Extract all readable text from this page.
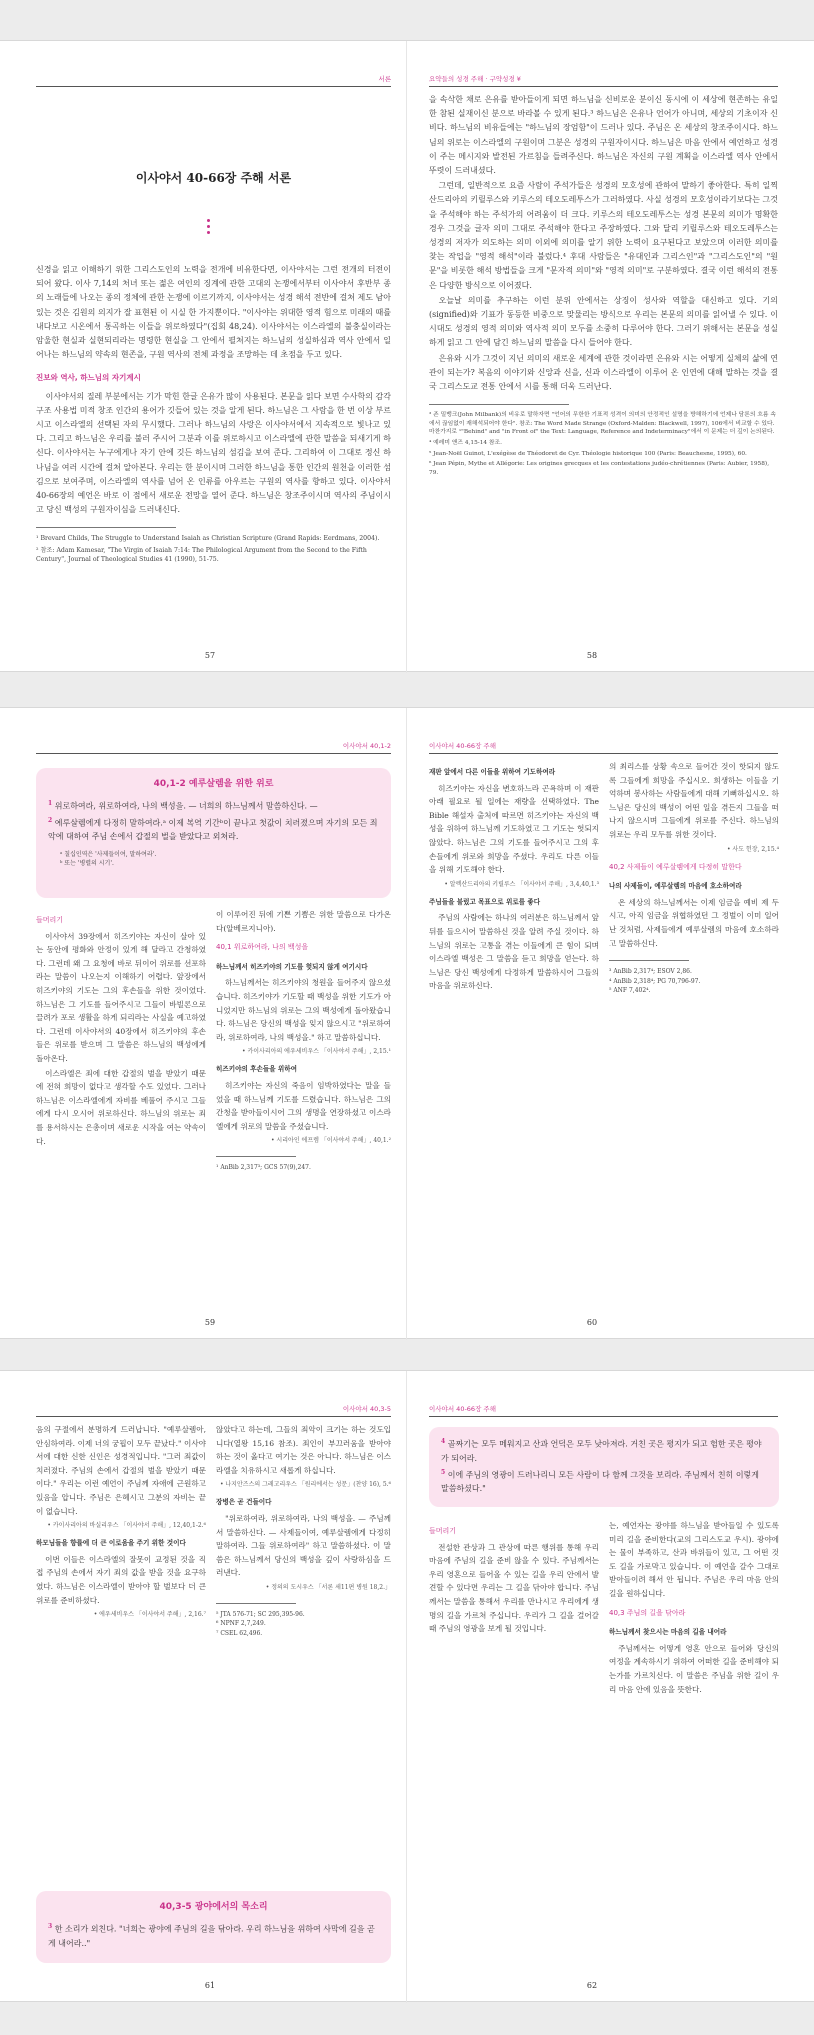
서론
이사야서 40-66장 주해 서론

신경을 읽고 이해하기 위한 그리스도인의 노력을 전개에 비유한다면, 이사야서는 그런 전개의 터전이 되어 왔다. 이사 7,14의 처녀 또는 젊은 여인의 징계에 관한 고대의 논쟁에서부터 이사야서 후반부 종의 노래들에 나오는 종의 정체에 관한 논쟁에 이르기까지, 이사야서는 성경 해석 전반에 걸쳐 제도 남아 있는 것은 김원의 의지가 잘 표현된 이 시실 한 가지뿐이다. "이사야는 위대한 영적 힘으로 미래의 때를 내다보고 시온에서 통곡하는 이들을 위로하였다"(집회 48,24). 이사야서는 이스라엘의 불충실이라는 암울한 현실과 실현되리라는 명령한 현실을 그 안에서 펼쳐지는 하느님의 성실하심과 역사 안에서 일어나는 하느님의 약속의 현존을, 구원 역사의 전체 과정을 조망하는 데 초점을 두고 있다.

진보와 역사, 하느님의 자기계시

이사야서의 질레 부분에서는 기가 막힌 한글 은유가 많이 사용된다. 본문을 읽다 보면 수사학의 감각 구조 사용법 미적 창조 인간의 용어가 깃들어 있는 것을 알게 된다. 하느님은 그 사람을 한 번 이상 부르시고 이스라엘의 선택된 자의 무시했다. 그러나 하느님의 사랑은 이사야서에서 지속적으로 빛나고 있다. 그리고 하느님은 우리를 불러 주시어 그분과 이를 위로하시고 이스라엘에 관한 말씀을 되새기게 하신다. 이사야서는 누구에게나 자기 안에 깃든 하느님의 섬김을 보여 준다. 그리하여 이 그대로 정신 하나님을 여러 시간에 걸쳐 알아본다. 우리는 한 분이시며 그러한 하느님을 통한 인간의 원천을 이러한 섬김으로 보여주며, 이스라엘의 역사를 넘어 온 인류를 아우르는 구원의 역사를 향하고 있다. 이사야서 40-66장의 예언은 바로 이 점에서 새로운 전망을 열어 준다. 하느님은 창조주이시며 역사의 주님이시고 당신 백성의 구원자이심을 드러내신다.

¹ Brevard Childs, The Struggle to Understand Isaiah as Christian Scripture (Grand Rapids: Eerdmans, 2004).
² 참조: Adam Kamesar, "The Virgin of Isaiah 7:14: The Philological Argument from the Second to the Fifth Century", Journal of Theological Studies 41 (1990), 51-75.
57
요약들의 성경 주해 · 구약성경 ¥

을 속삭한 채로 은유를 받아들이게 되면 하느님을 신비로운 분이신 동시에 이 세상에 현존하는 유일한 참된 실재이신 분으로 바라볼 수 있게 된다.³ 하느님은 은유나 언어가 아니며, 세상의 기초이자 신비다. 하느님의 비유들에는 "하느님의 장엄함"이 드러나 있다. 주님은 온 세상의 창조주이시다. 하느님의 위로는 이스라엘의 구원이며 그분은 성경의 구원자이시다. 하느님은 마음 안에서 예언하고 성경이 주는 메시지와 발전된 가르침을 들려주신다. 하느님은 자신의 구원 계획을 이스라엘 역사 안에서 뚜렷이 드러내셨다.

그런데, 일반적으로 요즘 사람이 주석가들은 성경의 모호성에 관하여 말하기 좋아한다. 특히 일찍 산드리아의 키릴루스와 키루스의 테오도레투스가 그러하였다. 사실 성경의 모호성이라기보다는 그것을 주석해야 하는 주석가의 어려움이 더 크다. 키루스의 테오도레투스는 성경 본문의 의미가 명확한 경우 그것을 글자 의미 그대로 주석해야 한다고 주장하였다. 그와 달리 키릴루스와 테오도레투스는 성경의 저자가 의도하는 의미 이외에 의미를 알기 위한 노력이 요구된다고 보았으며 이러한 의미를 찾는 작업을 "영적 해석"이라 불렀다.⁴ 후대 사람들은 "유대인과 그리스인"과 "그리스도인"의 "원문"을 비롯한 해석 방법들을 크게 "문자적 의미"와 "영적 의미"로 구분하였다. 결국 이런 해석의 전통은 다양한 방식으로 이어졌다.

오늘날 의미를 추구하는 이런 분위 안에서는 상징이 성사와 역할을 대신하고 있다. 기의(signified)와 기표가 동등한 비중으로 맞물리는 방식으로 우리는 본문의 의미를 읽어낼 수 있다. 이 시대도 성경의 영적 의미와 역사적 의미 모두를 소중히 다루어야 한다. 그러기 위해서는 본문을 성실하게 읽고 그 안에 담긴 하느님의 말씀을 다시 들어야 한다.

은유와 시가 그것이 지닌 의미의 새로운 세계에 관한 것이라면 은유와 시는 어떻게 실체의 삶에 연관이 되는가? 복음의 이야기와 신앙과 신을, 신과 이스라엘이 이루어 온 인연에 대해 말하는 것을 결국 그리스도교 전통 안에서 시를 통해 더욱 드러난다.

³ 존 밀뱅크(John Milbank)의 비유로 말하자면 "언어의 무한한 기표적 성격이 의미의 안정적인 설명을 방해하기에 언제나 담론의 흐름 속에서 끊임없이 재해석되어야 한다". 참조: The Word Made Strange (Oxford-Malden: Blackwell, 1997), 106에서 비교할 수 있다. 마찬가지로 ¹"Behind" and "in Front of" the Text: Language, Reference and Indeterminacy"에서 이 문제는 더 깊이 논의된다.
⁴ 예레미 앤즈 4,15-14 참조.
⁵ Jean-Noël Guinot, L'exégèse de Théodoret de Cyr. Théologie historique 100 (Paris: Beauchesne, 1995), 60.
⁶ Jean Pépin, Mythe et Allégorie: Les origines grecques et les contestations judéo-chrétiennes (Paris: Aubier, 1958), 79.
58
이사야서 40,1-2
40,1-2 예루살렘을 위한 위로
$^1$ 위로하여라, 위로하여라, 나의 백성을. — 너희의 하느님께서 말씀하신다. —
$^2$ 예루살렘에게 다정히 말하여라.ᵃ 이제 복역 기간ᵇ이 끝나고 첫값이 치러졌으며 자기의 모든 죄악에 대하여 주님 손에서 갑절의 벌을 받았다고 외쳐라.
ᵃ 칠십인역은 '사제들이여, 말하여라'.
ᵇ 또는 '병렬의 시기'.
들머리기

이사야서 39장에서 히즈키야는 자신이 살아 있는 동안에 평화와 안정이 있게 해 달라고 간청하였다. 그런데 왜 그 요청에 바로 뒤이어 위로를 선포하라는 말씀이 나오는지 이해하기 어렵다. 앞장에서 히즈키야의 기도는 그의 후손들을 위한 것이었다. 하느님은 그 기도를 들어주시고 그들이 바빌론으로 끌려가 포로 생활을 하게 되리라는 사실을 예고하였다. 그런데 이사야서의 40장에서 히즈키야의 후손들은 위로를 받으며 그 말씀은 하느님의 백성에게 돌아온다.

이스라엘은 죄에 대한 갑절의 벌을 받았기 때문에 전혀 희망이 없다고 생각할 수도 있었다. 그러나 하느님은 이스라엘에게 자비를 베풀어 주시고 그들에게 다시 오시어 위로하신다. 하느님의 위로는 죄를 용서하시는 은총이며 새로운 시작을 여는 약속이다.

이 이루어진 뒤에 기쁜 기쁨은 위한 말씀으로 다가온다(알베르지니아).

40,1 위로하여라, 나의 백성을
하느님께서 히즈키야의 기도를 헛되지 않게 여기시다

하느님께서는 히즈키야의 청원을 들어주지 않으셨습니다. 히즈키야가 기도할 때 백성을 위한 기도가 아니었지만 하느님의 위로는 그의 백성에게 돌아왔습니다. 하느님은 당신의 백성을 잊지 않으시고 "위로하여라, 위로하여라, 나의 백성을." 하고 말씀하십니다.

• 카이사리아의 에우세비우스 「이사야서 주해」, 2,15.¹
히즈키야의 후손들을 위하여

히즈키야는 자신의 죽음이 임박하였다는 말을 들었을 때 하느님께 기도를 드렸습니다. 하느님은 그의 간청을 받아들이시어 그의 생명을 연장하셨고 이스라엘에게 위로의 말씀을 주셨습니다.

• 시리아인 에프렘 「이사야서 주해」, 40,1.²
¹ AnBib 2,317³; GCS 57(9),247.
59
이사야서 40-66장 주해
재판 앞에서 다른 이들을 위하여 기도하여라

히즈키야는 자신을 변호하느라 곤욕하며 이 재판 아래 필요로 될 일에는 재량을 선택하였다. The Bible 해설자 출처에 따르면 히즈키야는 자신의 백성을 위하여 하느님께 기도하였고 그 기도는 헛되지 않았다. 하느님은 그의 기도를 들어주시고 그의 후손들에게 위로와 희망을 주셨다. 우리도 다른 이들을 위해 기도해야 한다.

• 알렉산드리아의 키릴루스 「이사야서 주해」, 3,4,40,1.³
주님들을 불렀고 목표으로 위로를 좋다

주님의 사람에는 하나의 여러분은 하느님께서 앞뒤를 들으시어 말씀하신 것을 알려 주실 것이다. 하느님의 위로는 고통을 겪는 이들에게 큰 힘이 되며 이스라엘 백성은 그 말씀을 듣고 희망을 얻는다. 하느님은 당신 백성에게 다정하게 말씀하시어 그들의 마음을 위로하신다.

의 최리스를 상황 속으로 들어간 것이 핫되지 않도록 그들에게 희망을 주십시오. 희생하는 이들을 기억하며 봉사하는 사람들에게 대해 기뻐하십시오. 하느님은 당신의 백성이 어떤 일을 겪든지 그들을 떠나지 않으시며 그들에게 위로를 주신다. 하느님의 위로는 우리 모두를 위한 것이다.

• 사도 헌장, 2,15.⁴
40,2 사제들이 예루살렘에게 다정히 말한다
나의 사제들이, 예루살렘의 마음에 호소하여라

온 세상의 하느님께서는 이제 임금을 예비 제 두시고, 아직 임금을 위협하였던 그 정벌이 이미 일어난 것처럼, 사제들에게 예루살렘의 마음에 호소하라고 말씀하신다.

³ AnBib 2,317⁴; ESOV 2,86.
⁴ AnBib 2,318⁴; PG 70,796-97.
⁵ ANF 7,402⁴.
60
이사야서 40,3-5

음의 구절에서 분명하게 드러납니다. "예루살렘아, 안심하여라. 이제 너의 궁핍이 모두 끝났다." 이사야서에 대한 신한 신인은 성경적입니다. "그러 죄값이 치러졌다. 주님의 손에서 갑절의 벌을 받았기 때문이다." 우리는 이런 예언이 주님께 자애에 근원하고 있음을 압니다. 주님은 은혜시고 그분의 자비는 끝이 없습니다.

• 카이사리아의 바실리우스 「이사야서 주해」, 12,40,1-2.⁶
하모님들을 향률에 더 큰 이로움을 주기 위한 것이다

이번 이들은 이스라엘의 잘못이 교정된 것을 직접 주님의 손에서 자기 죄의 값을 받을 것을 요구하였다. 하느님은 이스라엘이 받아야 할 벌보다 더 큰 위로를 준비하셨다.

• 에우세비우스 「이사야서 주해」, 2,16.⁷

않았다고 하는데, 그들의 죄악이 크기는 하는 것도입니다(열왕 15,16 참조). 죄인이 부끄러움을 받아야 하는 것이 옳다고 여기는 것은 아니다. 하느님은 이스라엘을 치유하시고 새롭게 하십니다.

• 나지안즈스의 그레고리우스 「원리에서는 성문」(찬양 16), 5.⁶
장병은 곧 건들이다

"위로하여라, 위로하여라, 나의 백성을. — 주님께서 말씀하신다. — 사제들이여, 예루살렘에게 다정히 말하여라. 그들 위로하여라" 하고 말씀하셨다. 이 말씀은 하느님께서 당신의 백성을 깊이 사랑하심을 드러낸다.

• 정의의 도시우스 「서론 세11편 병원 18,2.」
⁵ JTA 576-71; SC 295,395-96.
⁶ NPNF 2,7,249.
⁷ CSEL 62,496.
40,3-5 광야에서의 목소리
$^3$ 한 소리가 외친다. "너희는 광야에 주님의 길을 닦아라. 우리 하느님을 위하여 사막에 길을 곧게 내어라.."
61
이사야서 40-66장 주해
$^4$ 골짜기는 모두 메워지고 산과 언덕은 모두 낮아져라. 거친 곳은 평지가 되고 험한 곳은 평야가 되어라.
$^5$ 이에 주님의 영광이 드러나리니 모든 사람이 다 함께 그것을 보리라. 주님께서 친히 이렇게 말씀하셨다."
들머리기

전설한 관상과 그 관상에 따른 행위를 통해 우리 마음에 주님의 길을 준비 않을 수 있다. 주님께서는 우리 영혼으로 들어올 수 있는 길을 우리 안에서 발견할 수 있다면 우리는 그 길을 닦아야 합니다. 주님께서는 말씀을 통해서 우리를 만나시고 우리에게 생명의 길을 가르쳐 주십니다. 우리가 그 길을 걸어갈 때 주님의 영광을 보게 될 것입니다.

는, 예언자는 광야를 하느님을 받아들일 수 있도록 미리 길을 준비한다(교의 그리스도교 우시). 광야에는 물이 부족하고, 산과 바위들이 있고, 그 어떤 것도 길을 가로막고 있습니다. 이 예언을 갈수 그대로 받아들이려 해서 안 됩니다. 주님은 우리 마음 안의 길을 원하십니다.

40,3 주님의 길을 닦아라
하느님께서 찾으시는 마음의 길을 내어라

주님께서는 어떻게 영혼 안으로 들어와 당신의 여정을 계속하시기 위하여 어떠한 길을 준비해야 되는가를 가르치신다. 이 말씀은 주님을 위한 길이 우리 마음 안에 있음을 뜻한다.

62
